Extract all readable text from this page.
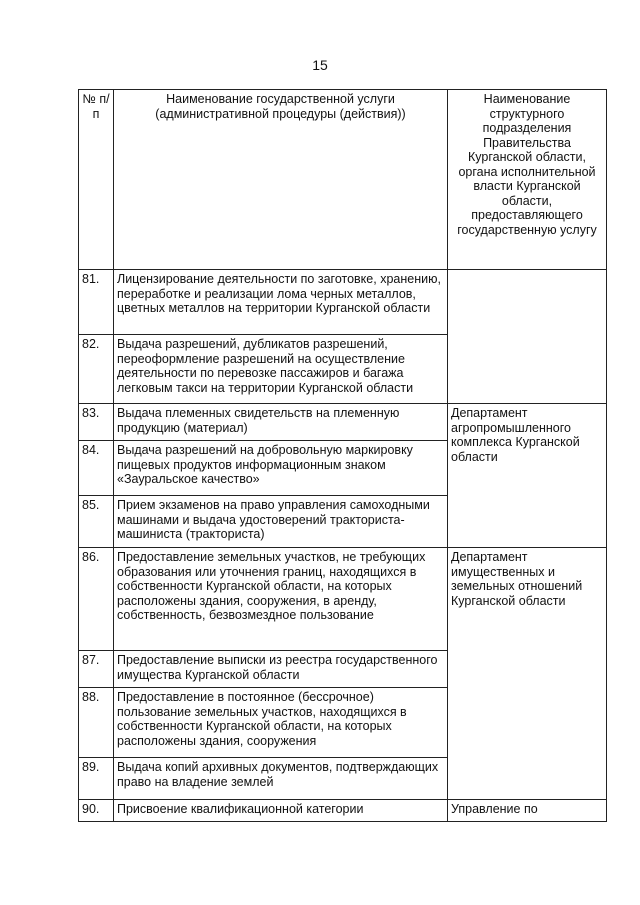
15
№ п/п	Наименование государственной услуги (административной процедуры (действия))	Наименование структурного подразделения Правительства Курганской области, органа исполнительной власти Курганской области, предоставляющего государственную услугу
81.	Лицензирование деятельности по заготовке, хранению, переработке и реализации лома черных металлов, цветных металлов на территории Курганской области	
82.	Выдача разрешений, дубликатов разрешений, переоформление разрешений на осуществление деятельности по перевозке пассажиров и багажа легковым такси на территории Курганской области	
83.	Выдача племенных свидетельств на племенную продукцию (материал)	Департамент агропромышленного комплекса Курганской области
84.	Выдача разрешений на добровольную маркировку пищевых продуктов информационным знаком «Зауральское качество»	
85.	Прием экзаменов на право управления самоходными машинами и выдача удостоверений тракториста-машиниста (тракториста)	
86.	Предоставление земельных участков, не требующих образования или уточнения границ, находящихся в собственности Курганской области, на которых расположены здания, сооружения, в аренду, собственность, безвозмездное пользование	Департамент имущественных и земельных отношений Курганской области
87.	Предоставление выписки из реестра государственного имущества Курганской области	
88.	Предоставление в постоянное (бессрочное) пользование земельных участков, находящихся в собственности Курганской области, на которых расположены здания, сооружения	
89.	Выдача копий архивных документов, подтверждающих право на владение землей	
90.	Присвоение квалификационной категории	Управление по
